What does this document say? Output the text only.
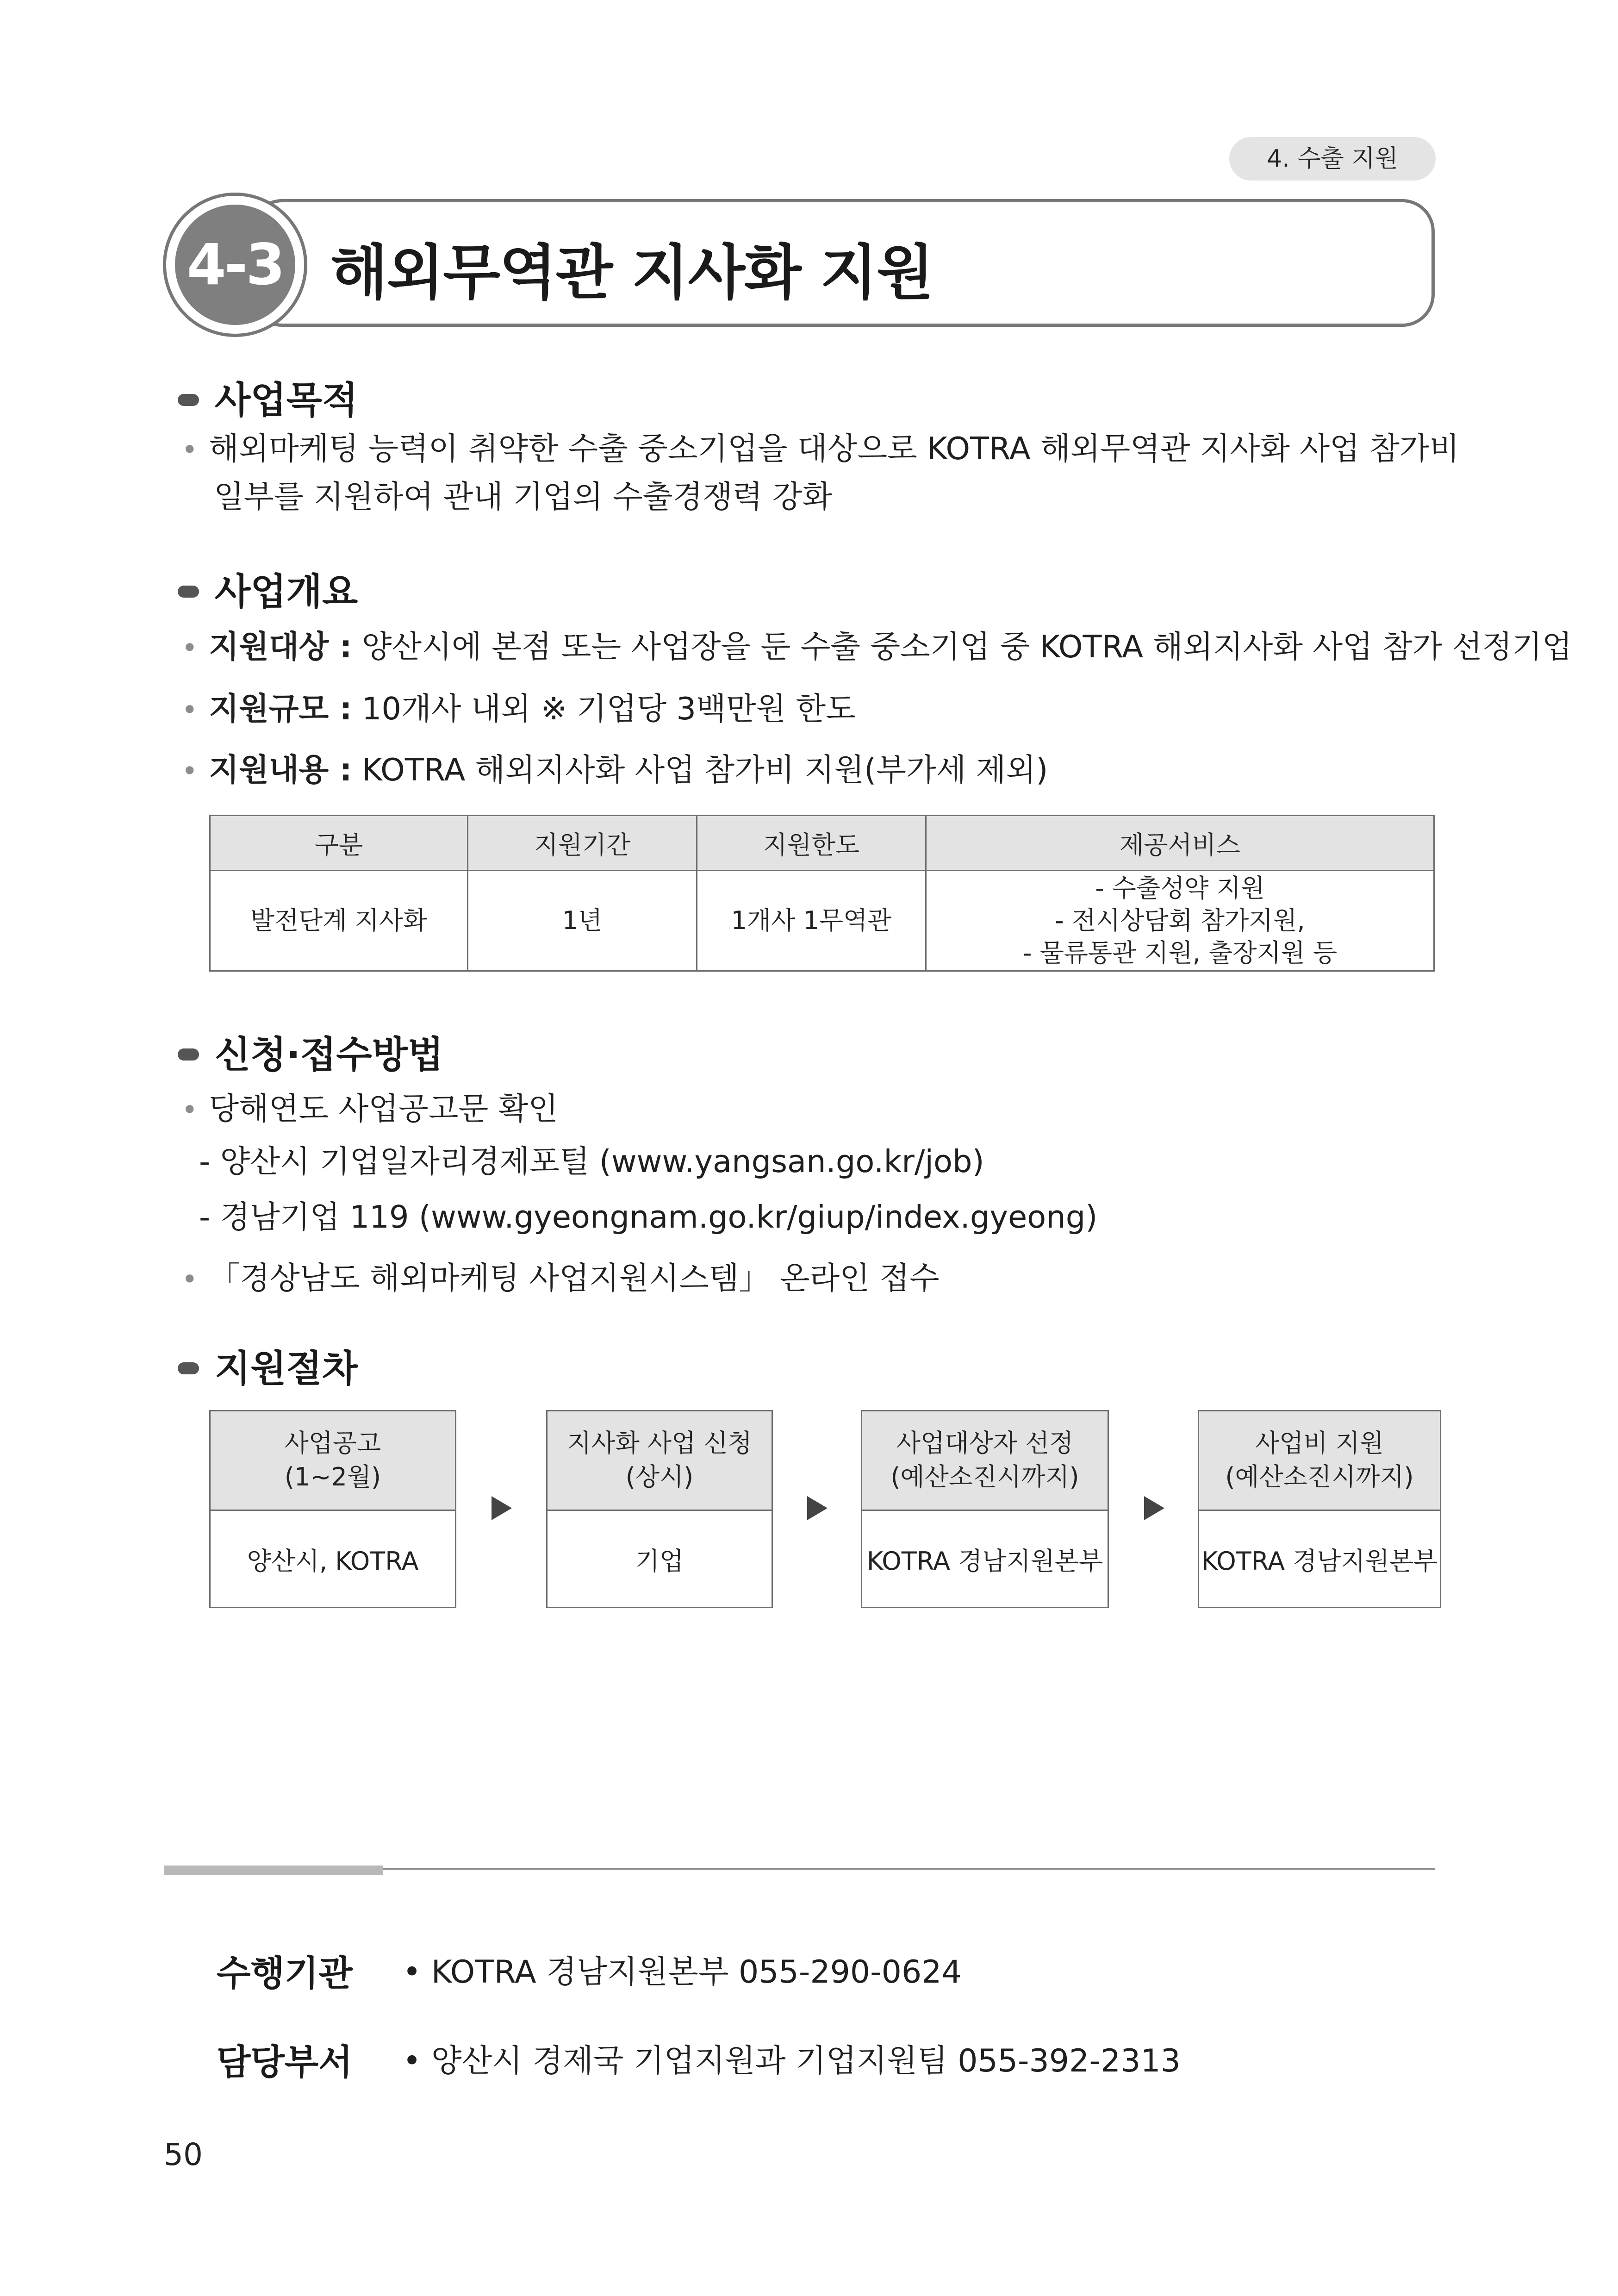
4. 수출 지원
4-3 해외무역관 지사화 지원
사업목적
• 해외마케팅 능력이 취약한 수출 중소기업을 대상으로 KOTRA 해외무역관 지사화 사업 참가비
일부를 지원하여 관내 기업의 수출경쟁력 강화
사업개요
• 지원대상 : 양산시에 본점 또는 사업장을 둔 수출 중소기업 중 KOTRA 해외지사화 사업 참가 선정기업
• 지원규모 : 10개사 내외 ※ 기업당 3백만원 한도
• 지원내용 : KOTRA 해외지사화 사업 참가비 지원(부가세 제외)
구분	지원기간	지원한도	제공서비스
발전단계 지사화	1년	1개사 1무역관	- 수출성약 지원
- 전시상담회 참가지원,
- 물류통관 지원, 출장지원 등
신청·접수방법
• 당해연도 사업공고문 확인
- 양산시 기업일자리경제포털 (www.yangsan.go.kr/job)
- 경남기업 119 (www.gyeongnam.go.kr/giup/index.gyeong)
• 「경상남도 해외마케팅 사업지원시스템」 온라인 접수
지원절차
사업공고
(1~2월)
양산시, KOTRA
지사화 사업 신청
(상시)
기업
사업대상자 선정
(예산소진시까지)
KOTRA 경남지원본부
사업비 지원
(예산소진시까지)
KOTRA 경남지원본부
수행기관 • KOTRA 경남지원본부 055-290-0624
담당부서 • 양산시 경제국 기업지원과 기업지원팀 055-392-2313
50
